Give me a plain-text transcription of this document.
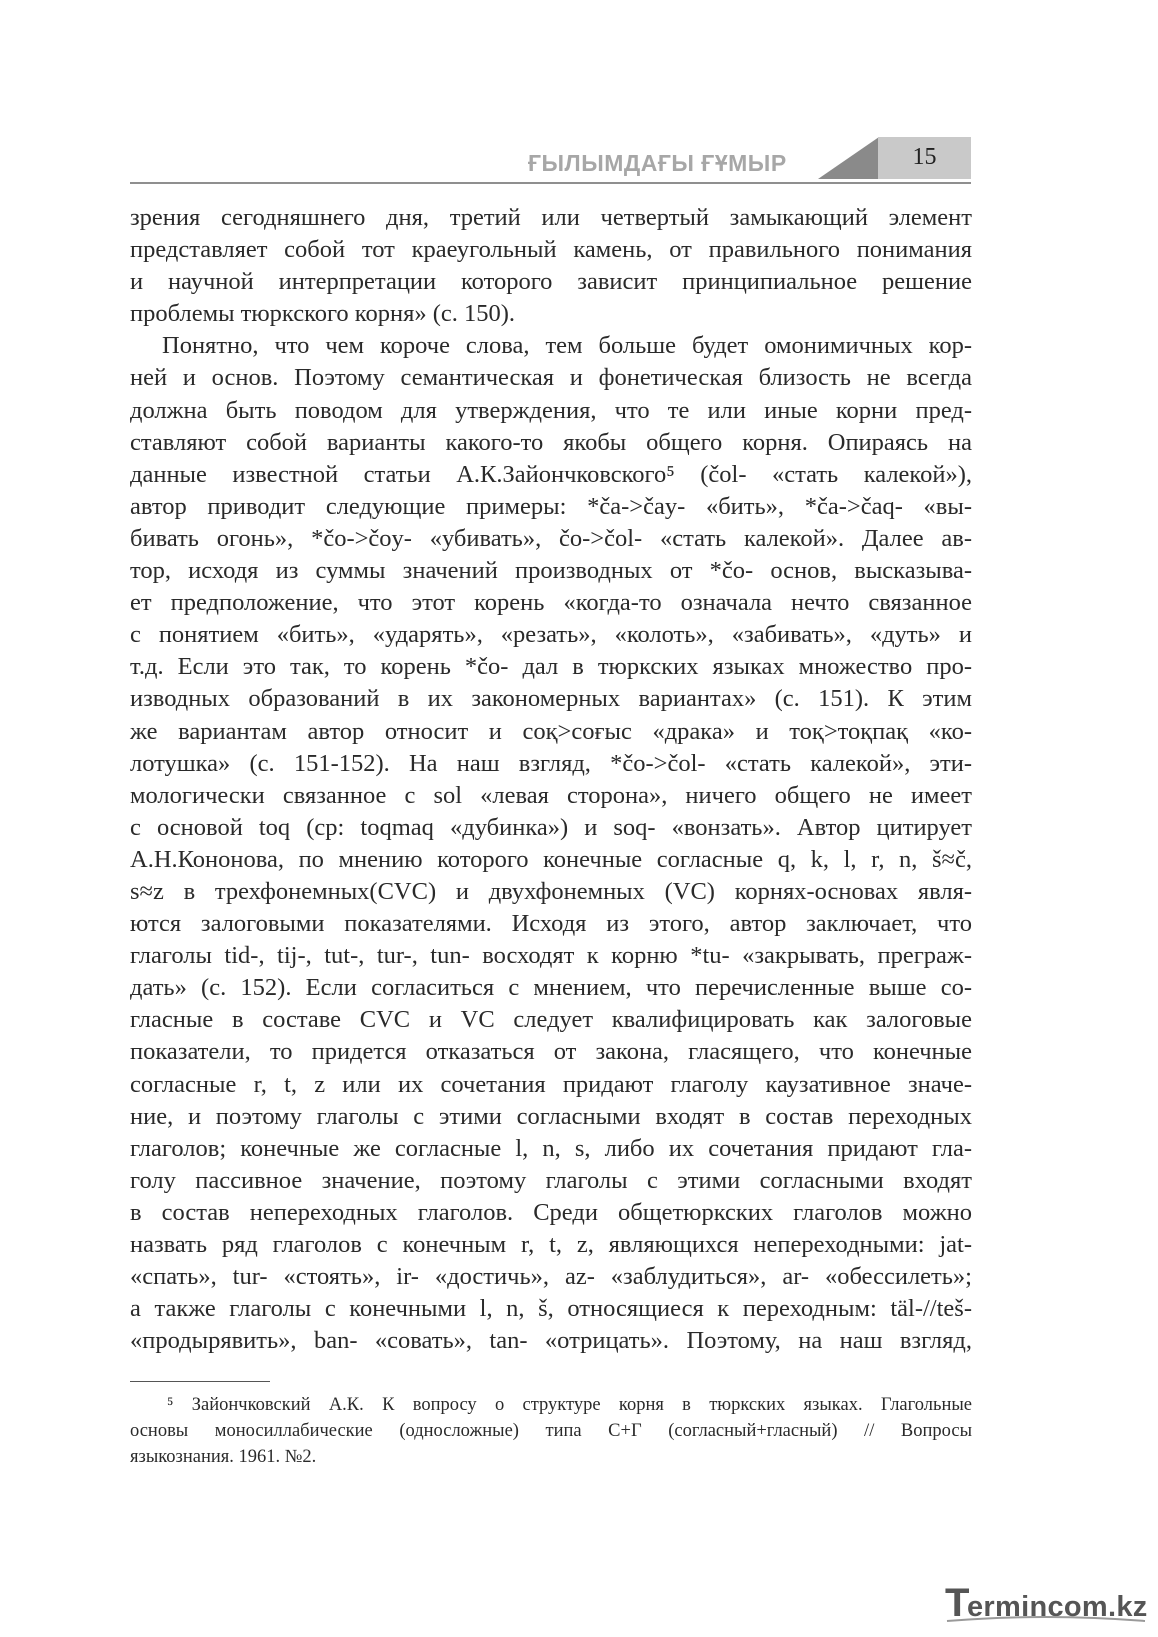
ҒЫЛЫМДАҒЫ ҒҰМЫР	15
зрения сегодняшнего дня, третий или четвертый замыкающий элемент
представляет собой тот краеугольный камень, от правильного понимания
и научной интерпретации которого зависит принципиальное решение
проблемы тюркского корня» (с. 150).
Понятно, что чем короче слова, тем больше будет омонимичных кор-
ней и основ. Поэтому семантическая и фонетическая близость не всегда
должна быть поводом для утверждения, что те или иные корни пред-
ставляют собой варианты какого-то якобы общего корня. Опираясь на
данные известной статьи А.К.Зайончковского⁵ (čol- «стать калекой»),
автор приводит следующие примеры: *ča->čay- «бить», *ča->čaq- «вы-
бивать огонь», *čo->čoy- «убивать», čo->čol- «стать калекой». Далее ав-
тор, исходя из суммы значений производных от *čo- основ, высказыва-
ет предположение, что этот корень «когда-то означала нечто связанное
с понятием «бить», «ударять», «резать», «колоть», «забивать», «дуть» и
т.д. Если это так, то корень *čo- дал в тюркских языках множество про-
изводных образований в их закономерных вариантах» (с. 151). К этим
же вариантам автор относит и соқ>соғыс «драка» и тоқ>тоқпақ «ко-
лотушка» (с. 151-152). На наш взгляд, *čo->čol- «стать калекой», эти-
мологически связанное с sol «левая сторона», ничего общего не имеет
с основой toq (ср: toqmaq «дубинка») и soq- «вонзать». Автор цитирует
А.Н.Кононова, по мнению которого конечные согласные q, k, l, r, n, š≈č,
s≈z в трехфонемных(CVC) и двухфонемных (VC) корнях-основах явля-
ются залоговыми показателями. Исходя из этого, автор заключает, что
глаголы tid-, tij-, tut-, tur-, tun- восходят к корню *tu- «закрывать, преграж-
дать» (с. 152). Если согласиться с мнением, что перечисленные выше со-
гласные в составе CVC и VC следует квалифицировать как залоговые
показатели, то придется отказаться от закона, гласящего, что конечные
согласные r, t, z или их сочетания придают глаголу каузативное значе-
ние, и поэтому глаголы с этими согласными входят в состав переходных
глаголов; конечные же согласные l, n, s, либо их сочетания придают гла-
голу пассивное значение, поэтому глаголы с этими согласными входят
в состав непереходных глаголов. Среди общетюркских глаголов можно
назвать ряд глаголов с конечным r, t, z, являющихся непереходными: jat-
«спать», tur- «стоять», ir- «достичь», az- «заблудиться», ar- «обессилеть»;
а также глаголы с конечными l, n, š, относящиеся к переходным: täl-//teš-
«продырявить», ban- «совать», tan- «отрицать». Поэтому, на наш взгляд,
⁵ Зайончковский А.К. К вопросу о структуре корня в тюркских языках. Глагольные
основы моносиллабические (односложные) типа С+Г (согласный+гласный) // Вопросы
языкознания. 1961. №2.
T
ermincom.kz
